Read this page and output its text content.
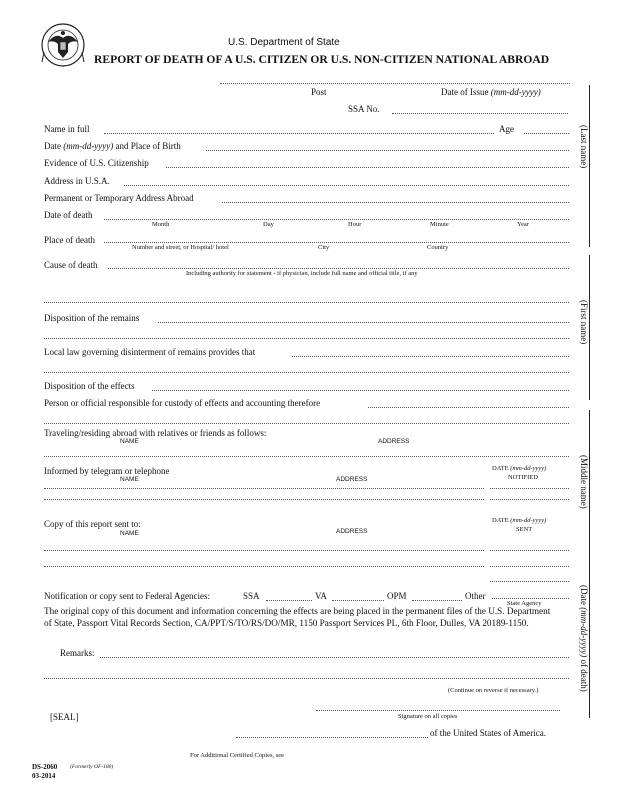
U.S. Department of State
REPORT OF DEATH OF A U.S. CITIZEN OR U.S. NON-CITIZEN NATIONAL ABROAD
Post	Date of Issue (mm-dd-yyyy)
SSA No.
(Last name)
(First name)
(Middle name)
(Date (mm-dd-yyyy) of death)
Name in full	Age
Date (mm-dd-yyyy) and Place of Birth
Evidence of U.S. Citizenship
Address in U.S.A.
Permanent or Temporary Address Abroad
Date of death
Month	Day	Hour	Minute	Year
Place of death
Number and street, or Hospital/ hotel	City	Country
Cause of death
Including authority for statement - if physician, include full name and official title, if any
Disposition of the remains
Local law governing disinterment of remains provides that
Disposition of the effects
Person or official responsible for custody of effects and accounting therefore
Traveling/residing abroad with relatives or friends as follows:
NAME	ADDRESS
Informed by telegram or telephone
NAME	ADDRESS
DATE (mm-dd-yyyy)
NOTIFIED
Copy of this report sent to:
NAME	ADDRESS
DATE (mm-dd-yyyy)
SENT
Notification or copy sent to Federal Agencies:	SSA	VA	OPM	Other
State Agency
The original copy of this document and information concerning the effects are being placed in the permanent files of the U.S. Department of State, Passport Vital Records Section, CA/PPT/S/TO/RS/DO/MR, 1150 Passport Services PL, 6th Floor, Dulles, VA 20189-1150.
Remarks:
(Continue on reverse if necessary.)
[SEAL]	Signature on all copies
of the United States of America.
For Additional Certified Copies, see
DS-2060 (Formerly OF-180)
03-2014
